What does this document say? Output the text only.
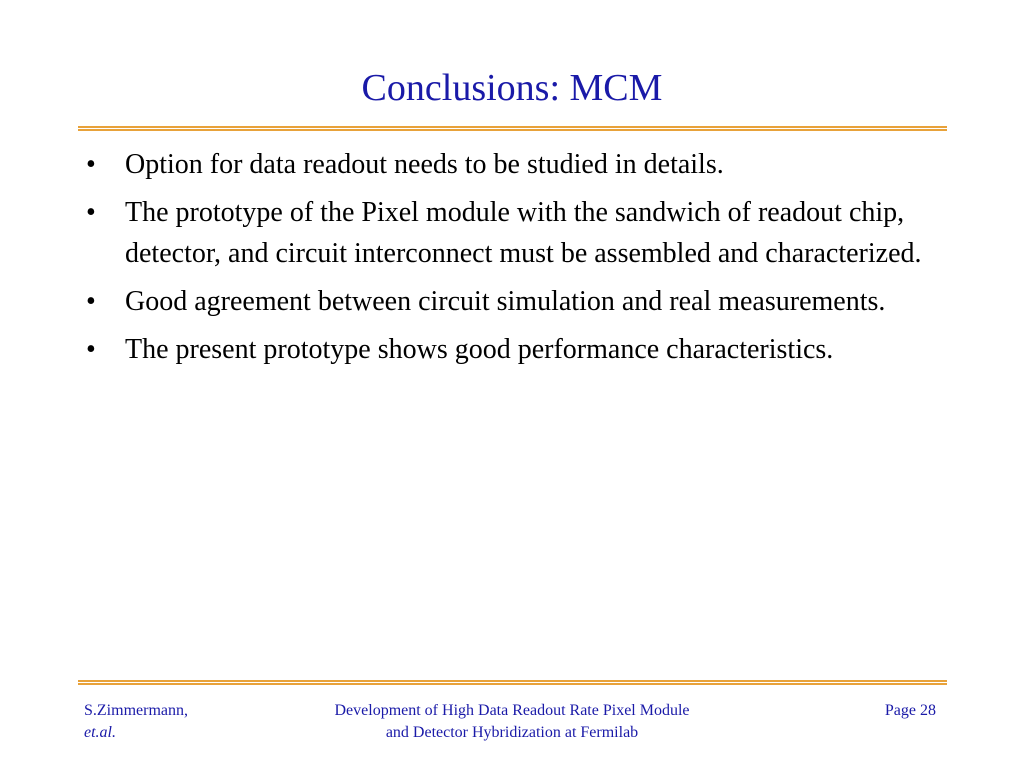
Conclusions: MCM
•	Option for data readout needs to be studied in details.
•	The prototype of the Pixel module with the sandwich of readout chip, detector, and circuit interconnect must be assembled and characterized.
•	Good agreement between circuit simulation and real measurements.
•	The present prototype shows good performance characteristics.
S.Zimmermann,
et.al.
Development of High Data Readout Rate Pixel Module
and Detector Hybridization at Fermilab
Page 28
